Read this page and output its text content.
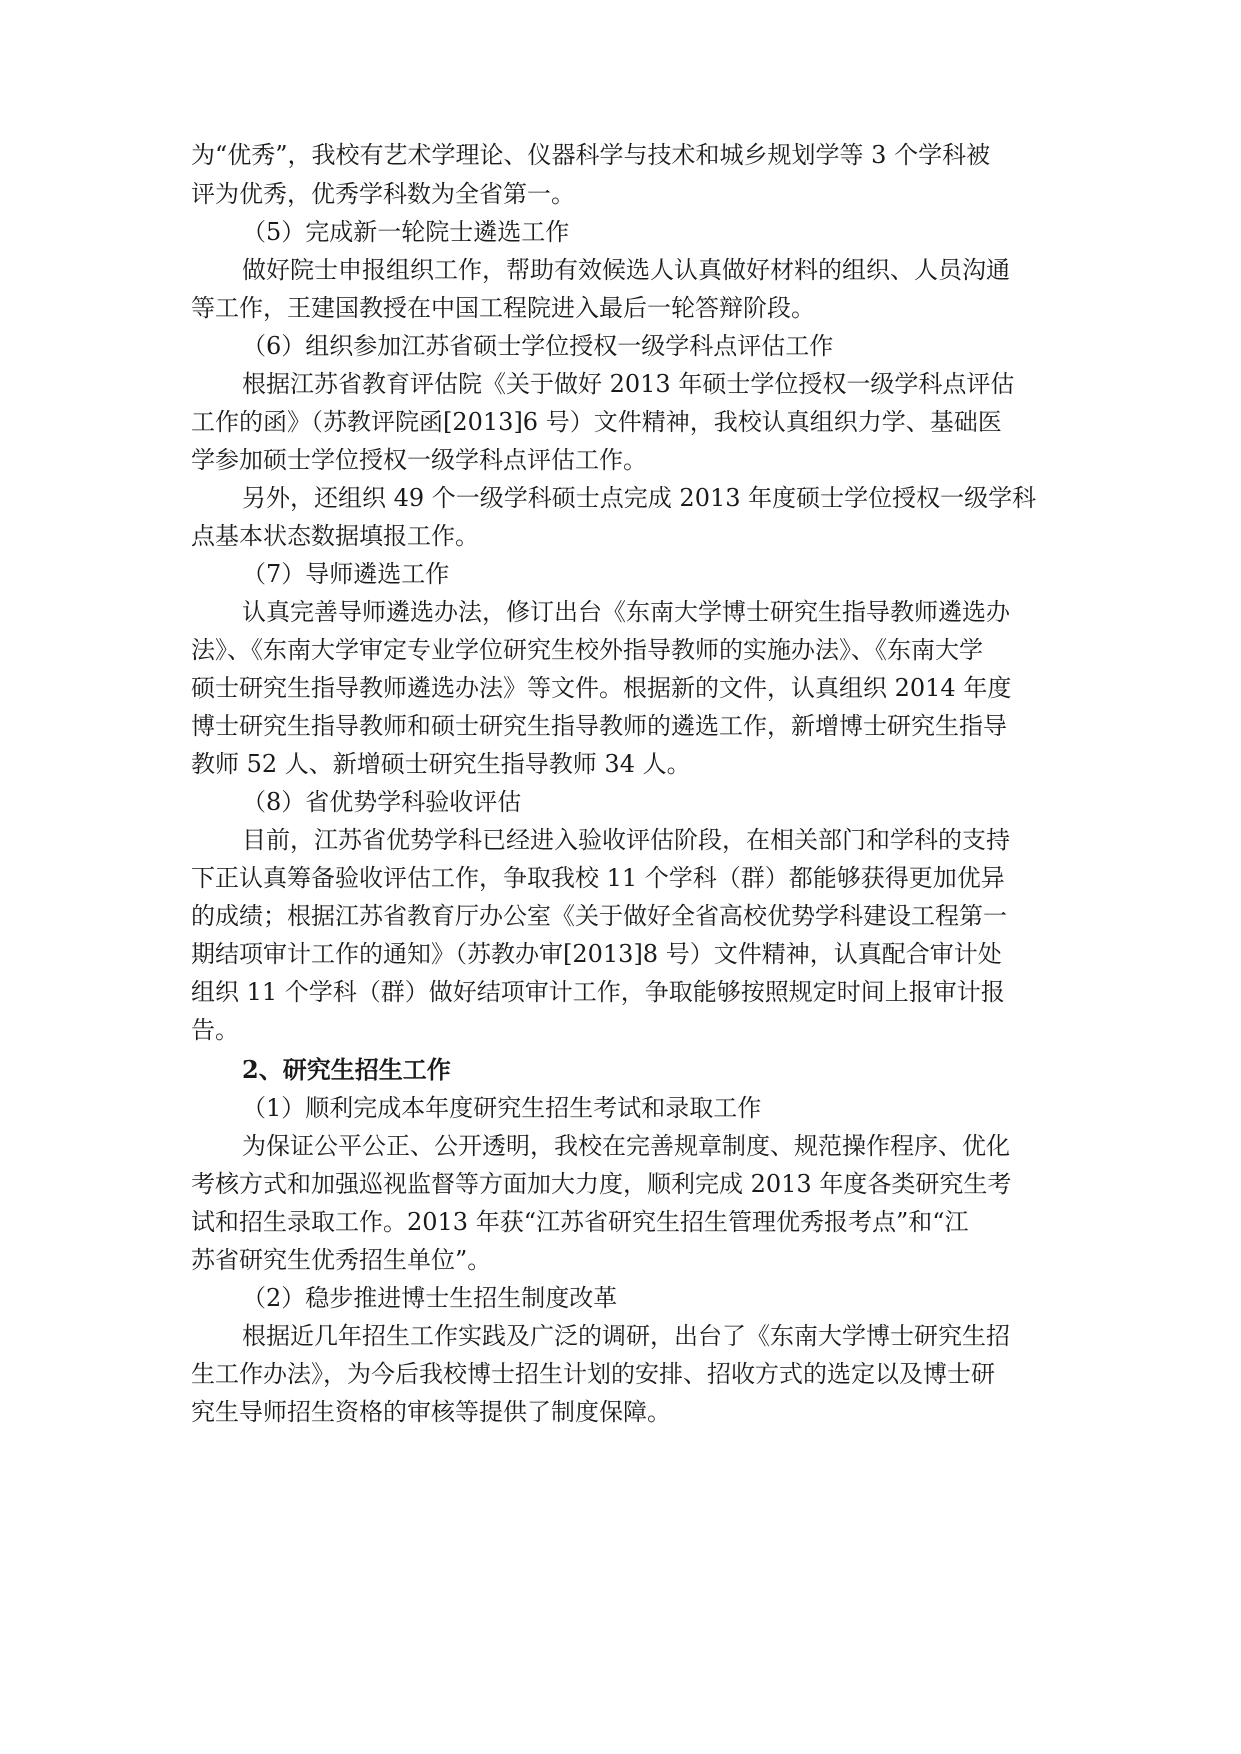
为“优秀”，我校有艺术学理论、仪器科学与技术和城乡规划学等 3 个学科被
评为优秀，优秀学科数为全省第一。
（5）完成新一轮院士遴选工作
做好院士申报组织工作，帮助有效候选人认真做好材料的组织、人员沟通
等工作，王建国教授在中国工程院进入最后一轮答辩阶段。
（6）组织参加江苏省硕士学位授权一级学科点评估工作
根据江苏省教育评估院《关于做好 2013 年硕士学位授权一级学科点评估
工作的函》（苏教评院函[2013]6 号）文件精神，我校认真组织力学、基础医
学参加硕士学位授权一级学科点评估工作。
另外，还组织 49 个一级学科硕士点完成 2013 年度硕士学位授权一级学科
点基本状态数据填报工作。
（7）导师遴选工作
认真完善导师遴选办法，修订出台《东南大学博士研究生指导教师遴选办
法》、《东南大学审定专业学位研究生校外指导教师的实施办法》、《东南大学
硕士研究生指导教师遴选办法》等文件。根据新的文件，认真组织 2014 年度
博士研究生指导教师和硕士研究生指导教师的遴选工作，新增博士研究生指导
教师 52 人、新增硕士研究生指导教师 34 人。
（8）省优势学科验收评估
目前，江苏省优势学科已经进入验收评估阶段，在相关部门和学科的支持
下正认真筹备验收评估工作，争取我校 11 个学科（群）都能够获得更加优异
的成绩；根据江苏省教育厅办公室《关于做好全省高校优势学科建设工程第一
期结项审计工作的通知》（苏教办审[2013]8 号）文件精神，认真配合审计处
组织 11 个学科（群）做好结项审计工作，争取能够按照规定时间上报审计报
告。
2、研究生招生工作
（1）顺利完成本年度研究生招生考试和录取工作
为保证公平公正、公开透明，我校在完善规章制度、规范操作程序、优化
考核方式和加强巡视监督等方面加大力度，顺利完成 2013 年度各类研究生考
试和招生录取工作。2013 年获“江苏省研究生招生管理优秀报考点”和“江
苏省研究生优秀招生单位”。
（2）稳步推进博士生招生制度改革
根据近几年招生工作实践及广泛的调研，出台了《东南大学博士研究生招
生工作办法》，为今后我校博士招生计划的安排、招收方式的选定以及博士研
究生导师招生资格的审核等提供了制度保障。
